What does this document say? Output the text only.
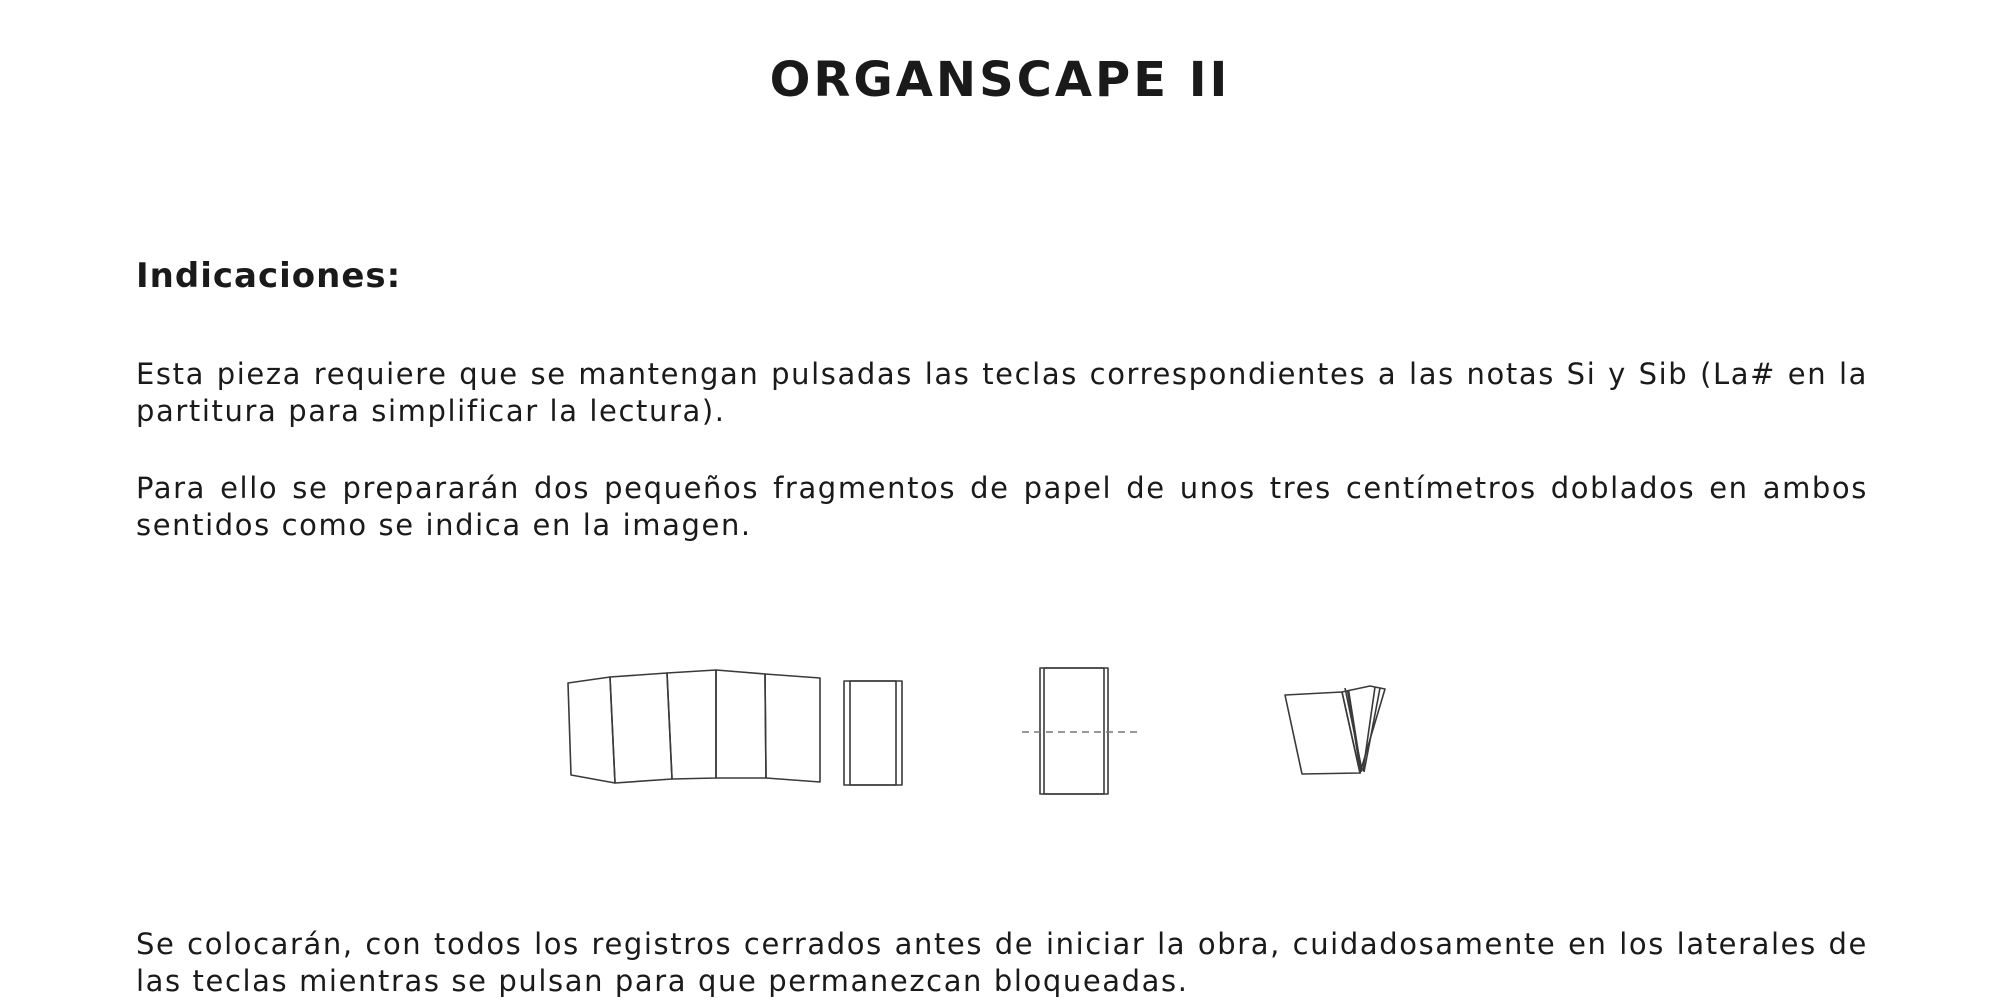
ORGANSCAPE II
Indicaciones:

Esta pieza requiere que se mantengan pulsadas las teclas correspondientes a las notas Si y Sib (La# en la partitura para simplificar la lectura).

Para ello se prepararán dos pequeños fragmentos de papel de unos tres centímetros doblados en ambos sentidos como se indica en la imagen.

Se colocarán, con todos los registros cerrados antes de iniciar la obra, cuidadosamente en los laterales de las teclas mientras se pulsan para que permanezcan bloqueadas.
